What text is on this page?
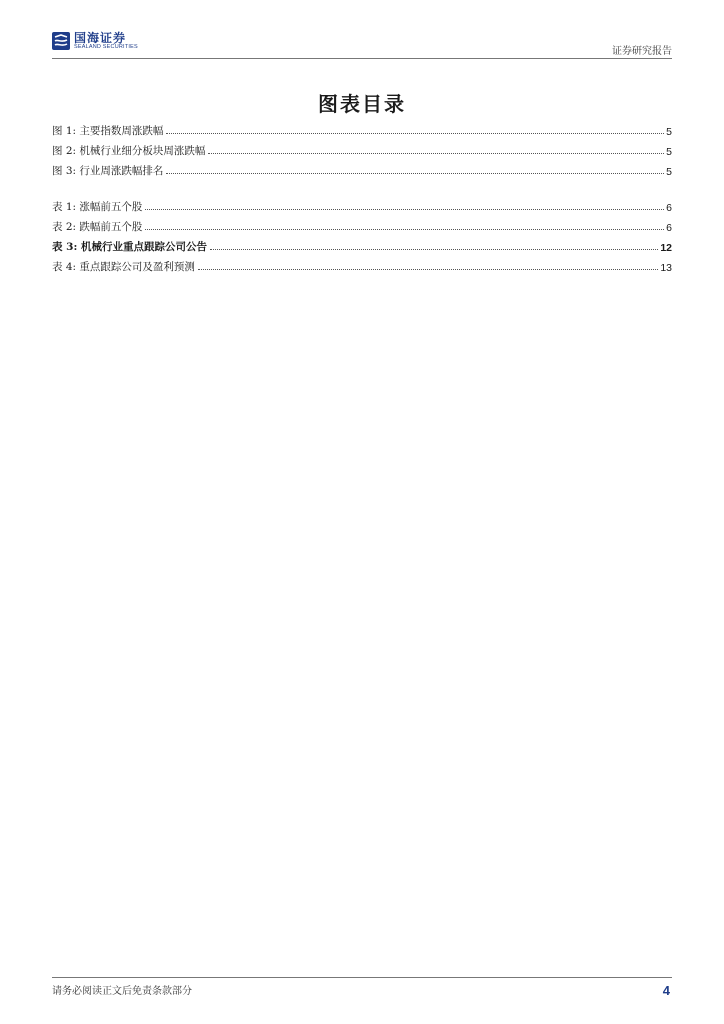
国海证券
SEALAND SECURITIES	证券研究报告
图表目录
图 1: 主要指数周涨跌幅	5
图 2: 机械行业细分板块周涨跌幅	5
图 3: 行业周涨跌幅排名	5
表 1: 涨幅前五个股	6
表 2: 跌幅前五个股	6
表 3: 机械行业重点跟踪公司公告	12
表 4: 重点跟踪公司及盈利预测	13
请务必阅读正文后免责条款部分	4
